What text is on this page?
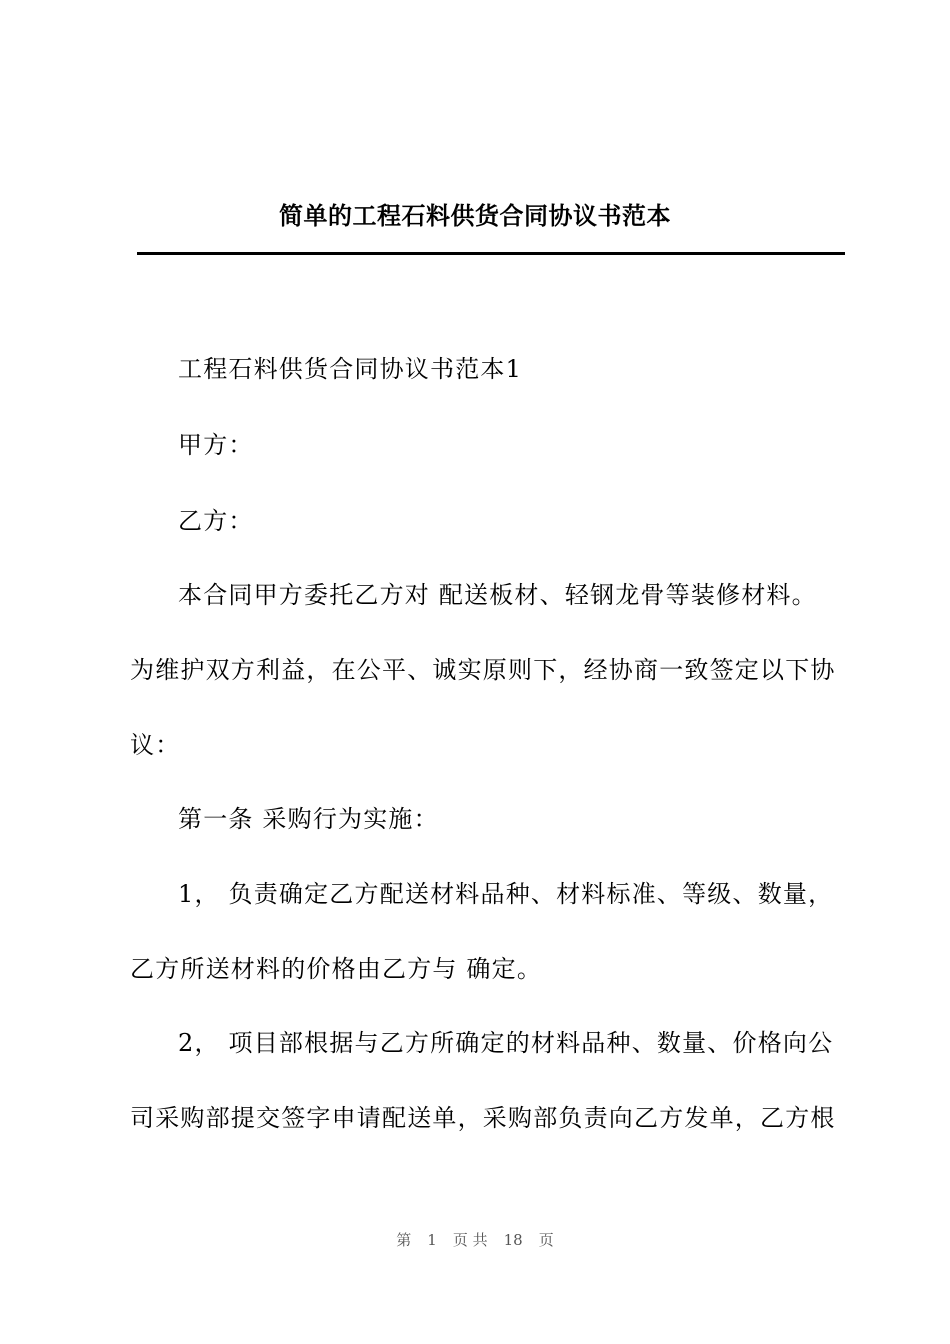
简单的工程石料供货合同协议书范本
工程石料供货合同协议书范本1
甲方：
乙方：
本合同甲方委托乙方对 配送板材、轻钢龙骨等装修材料。
为维护双方利益，在公平、诚实原则下，经协商一致签定以下协
议：
第一条 采购行为实施：
1， 负责确定乙方配送材料品种、材料标准、等级、数量，
乙方所送材料的价格由乙方与 确定。
2， 项目部根据与乙方所确定的材料品种、数量、价格向公
司采购部提交签字申请配送单，采购部负责向乙方发单，乙方根
第 1 页 共 18 页
